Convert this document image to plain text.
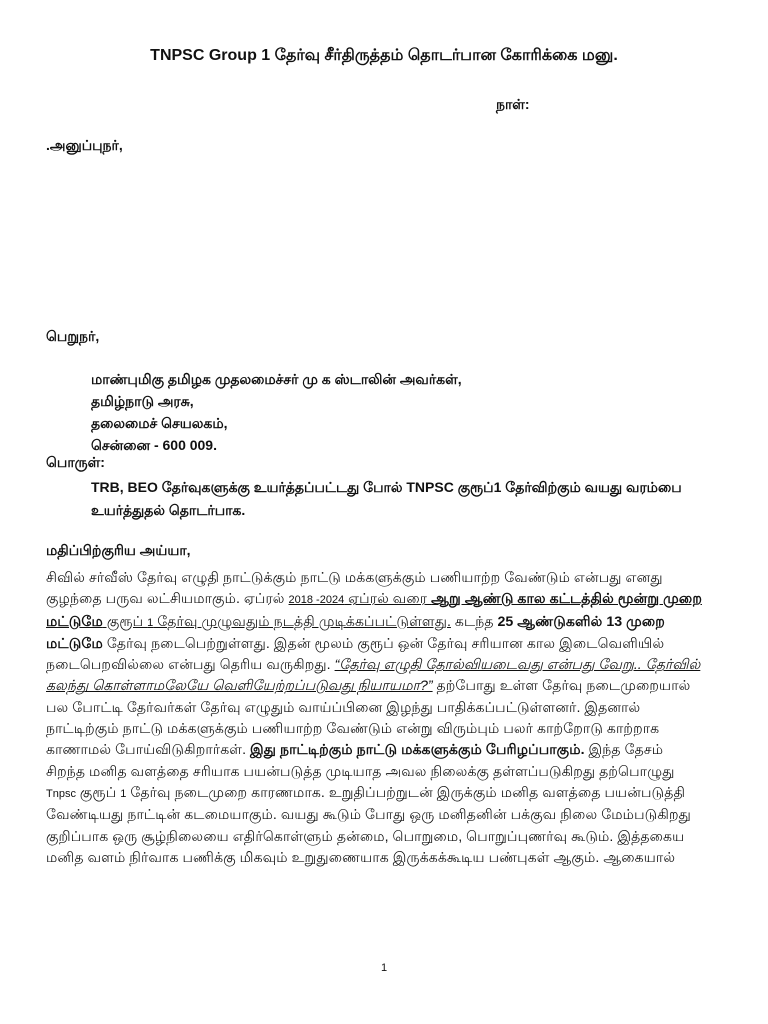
TNPSC Group 1 தேர்வு சீர்திருத்தம் தொடர்பான கோரிக்கை மனு.
நாள்:
.அனுப்புநர்,
பெறுநர்,
மாண்புமிகு தமிழக முதலமைச்சர் மு க ஸ்டாலின் அவர்கள்,
தமிழ்நாடு அரசு,
தலைமைச் செயலகம்,
சென்னை - 600 009.
பொருள்:
TRB, BEO தேர்வுகளுக்கு உயர்த்தப்பட்டது போல் TNPSC குரூப்1 தேர்விற்கும் வயது வரம்பை உயர்த்துதல் தொடர்பாக.
மதிப்பிற்குரிய அய்யா,
சிவில் சர்வீஸ் தேர்வு எழுதி நாட்டுக்கும் நாட்டு மக்களுக்கும் பணியாற்ற வேண்டும் என்பது எனது குழந்தை பருவ லட்சியமாகும். ஏப்ரல் 2018 -2024 ஏப்ரல் வரை ஆறு ஆண்டு கால கட்டத்தில் மூன்று முறை மட்டுமே குரூப் 1 தேர்வு முழுவதும் நடத்தி முடிக்கப்பட்டுள்ளது. கடந்த 25 ஆண்டுகளில் 13 முறை மட்டுமே தேர்வு நடைபெற்றுள்ளது. இதன் மூலம் குரூப் ஒன் தேர்வு சரியான கால இடைவெளியில் நடைபெறவில்லை என்பது தெரிய வருகிறது. “தேர்வு எழுதி தோல்வியடைவது என்பது வேறு.. தேர்வில் கலந்து கொள்ளாமலேயே வெளியேற்றப்படுவது நியாயமா?” தற்போது உள்ள தேர்வு நடைமுறையால் பல போட்டி தேர்வர்கள் தேர்வு எழுதும் வாய்ப்பினை இழந்து பாதிக்கப்பட்டுள்ளனர். இதனால் நாட்டிற்கும் நாட்டு மக்களுக்கும் பணியாற்ற வேண்டும் என்று விரும்பும் பலர் காற்றோடு காற்றாக காணாமல் போய்விடுகிறார்கள். இது நாட்டிற்கும் நாட்டு மக்களுக்கும் பேரிழப்பாகும். இந்த தேசம் சிறந்த மனித வளத்தை சரியாக பயன்படுத்த முடியாத அவல நிலைக்கு தள்ளப்படுகிறது தற்பொழுது Tnpsc குரூப் 1 தேர்வு நடைமுறை காரணமாக. உறுதிப்பற்றுடன் இருக்கும் மனித வளத்தை பயன்படுத்தி வேண்டியது நாட்டின் கடமையாகும். வயது கூடும் போது ஒரு மனிதனின் பக்குவ நிலை மேம்படுகிறது குறிப்பாக ஒரு சூழ்நிலையை எதிர்கொள்ளும் தன்மை, பொறுமை, பொறுப்புணர்வு கூடும். இத்தகைய மனித வளம் நிர்வாக பணிக்கு மிகவும் உறுதுணையாக இருக்கக்கூடிய பண்புகள் ஆகும். ஆகையால்
1
